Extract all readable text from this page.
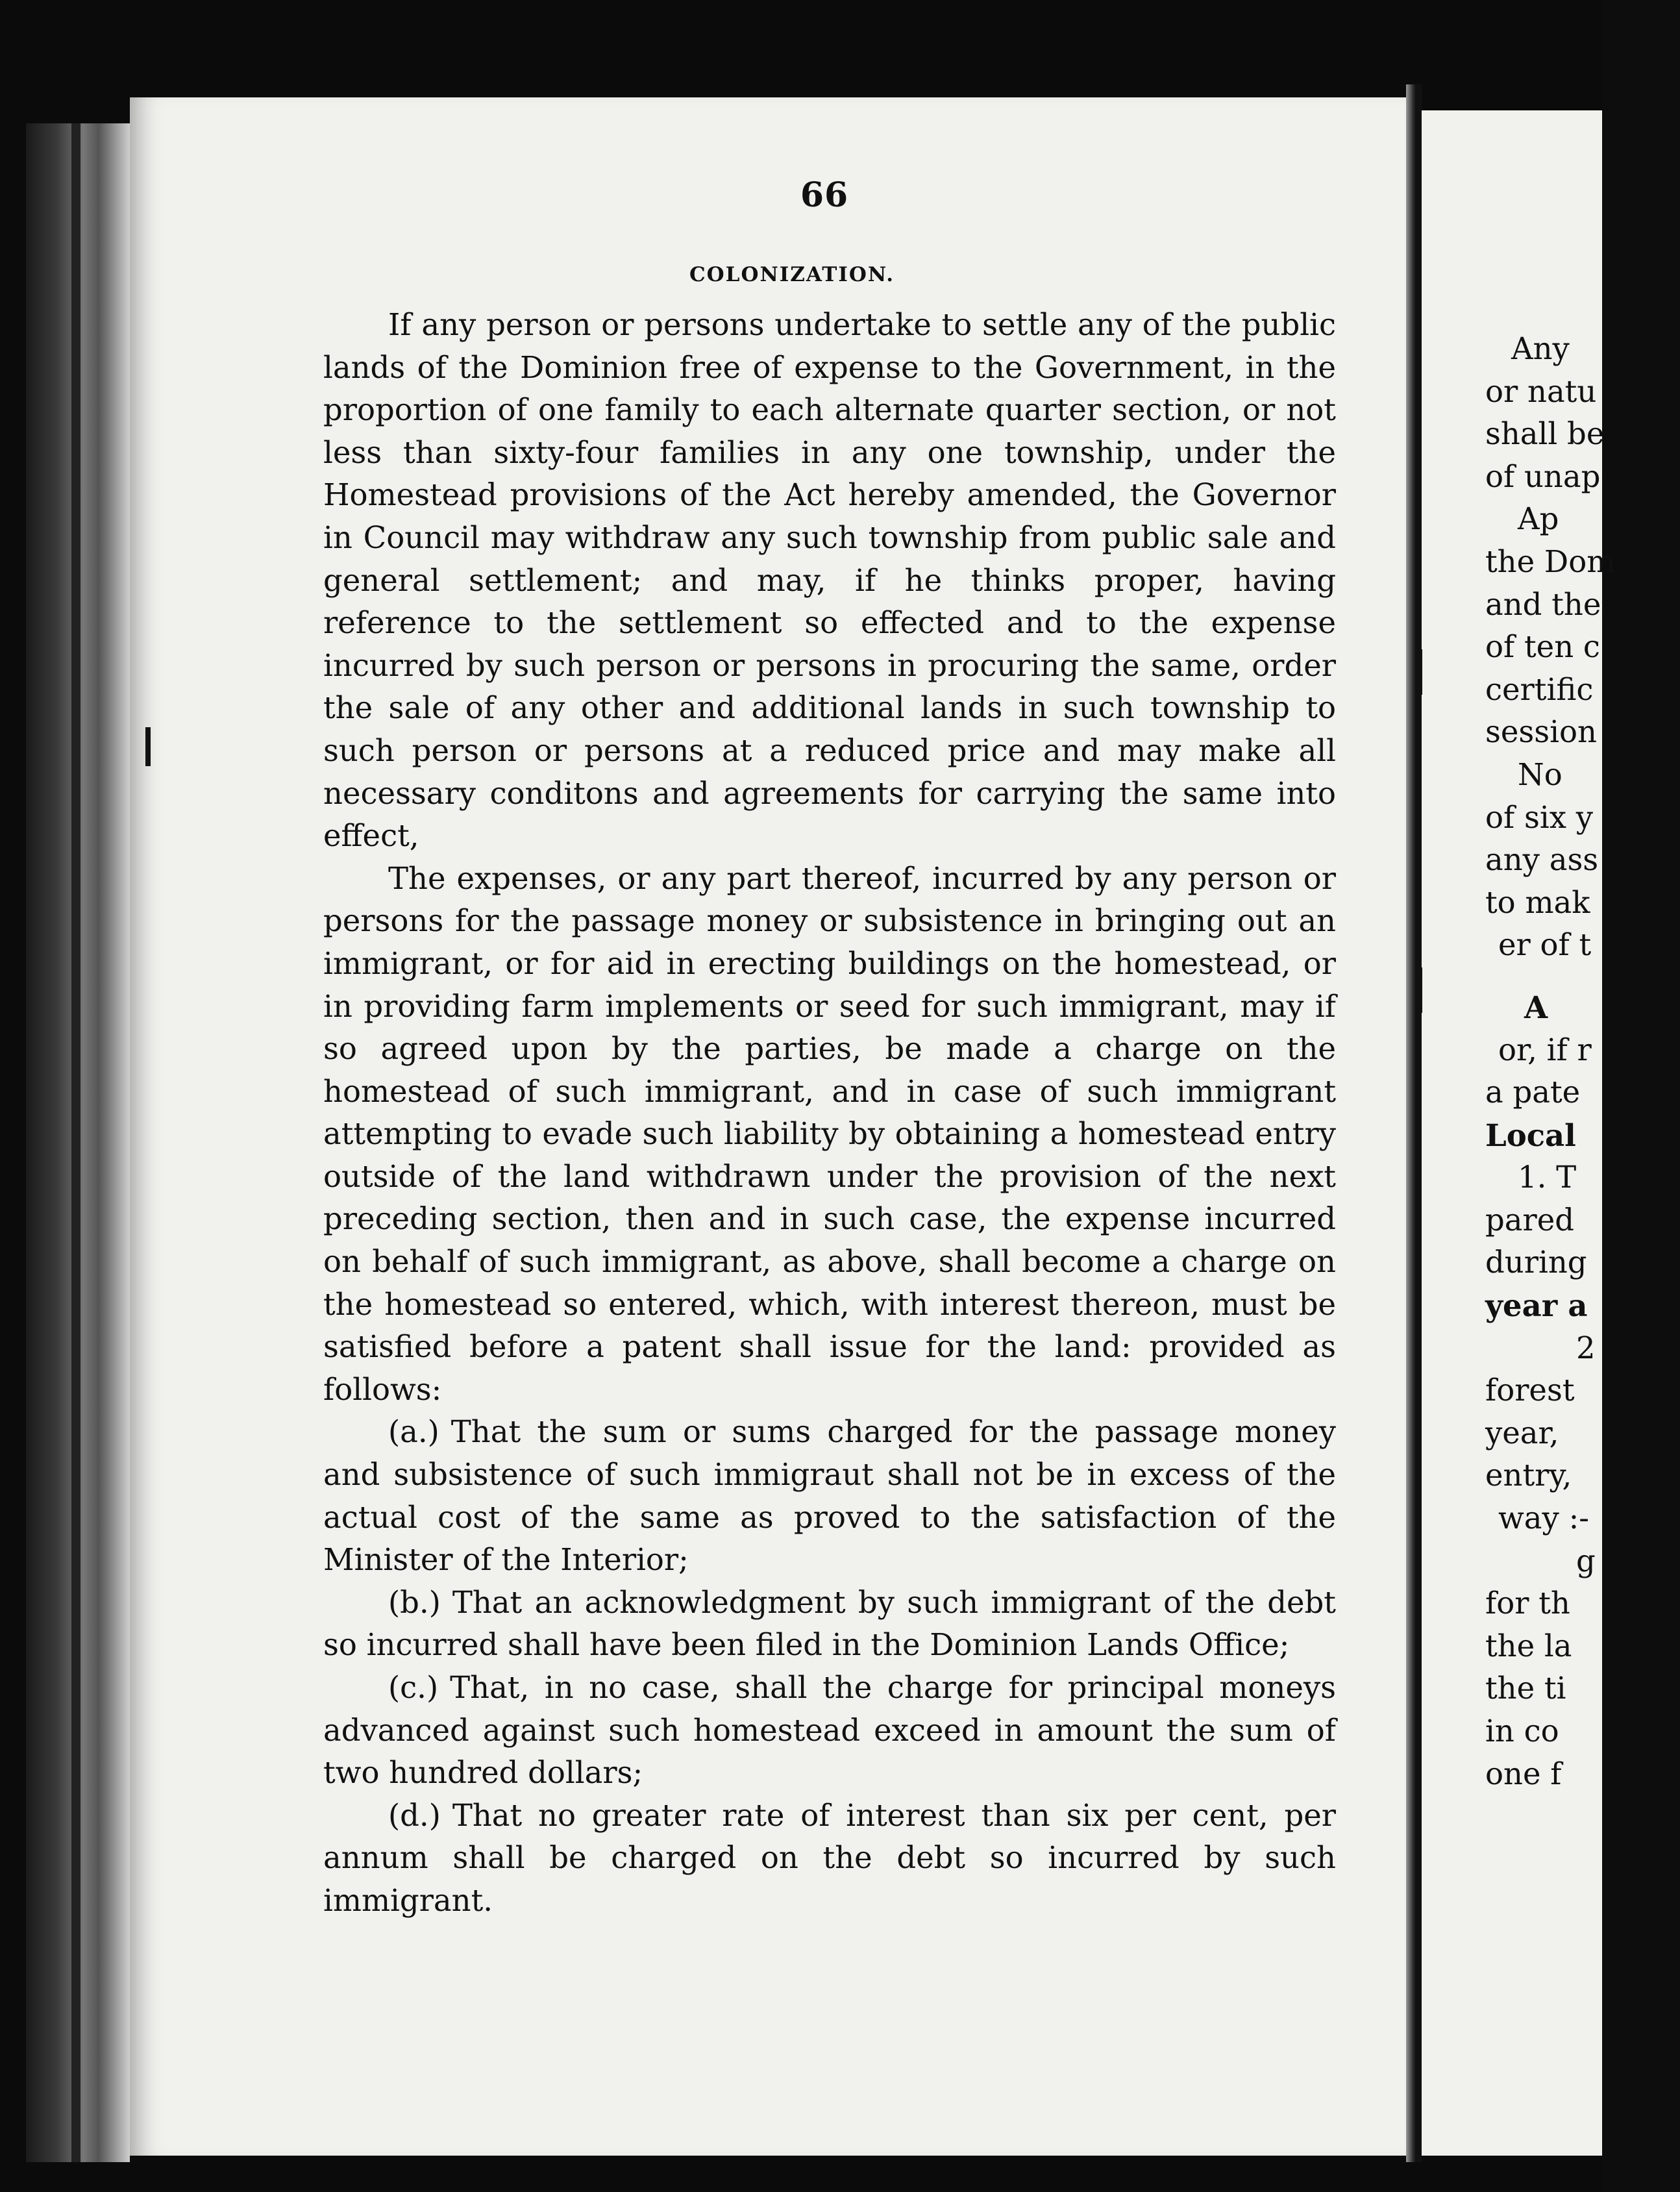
66
COLONIZATION.

If any person or persons undertake to settle any of the public lands of the Dominion free of expense to the Government, in the proportion of one family to each alternate quarter section, or not less than sixty-four families in any one township, under the Homestead provisions of the Act hereby amended, the Governor in Council may withdraw any such township from public sale and general settlement; and may, if he thinks proper, having reference to the settlement so effected and to the expense incurred by such person or persons in procuring the same, order the sale of any other and additional lands in such township to such person or persons at a reduced price and may make all necessary conditons and agreements for carrying the same into effect,

The expenses, or any part thereof, incurred by any person or persons for the passage money or subsistence in bringing out an immigrant, or for aid in erecting buildings on the homestead, or in providing farm implements or seed for such immigrant, may if so agreed upon by the parties, be made a charge on the homestead of such immigrant, and in case of such immigrant attempting to evade such liability by obtaining a homestead entry outside of the land withdrawn under the provision of the next preceding section, then and in such case, the expense incurred on behalf of such immigrant, as above, shall become a charge on the homestead so entered, which, with interest thereon, must be satisfied before a patent shall issue for the land: provided as follows:

(a.) That the sum or sums charged for the passage money and subsistence of such immigraut shall not be in excess of the actual cost of the same as proved to the satisfaction of the Minister of the Interior;

(b.) That an acknowledgment by such immigrant of the debt so incurred shall have been filed in the Dominion Lands Office;

(c.) That, in no case, shall the charge for principal moneys advanced against such homestead exceed in amount the sum of two hundred dollars;

(d.) That no greater rate of interest than six per cent, per annum shall be charged on the debt so incurred by such immigrant.

Any
or natu
shall be
of unap
Ap
the Dom
and the
of ten c
certific
session
No
of six y
any ass
to mak
er of t
A
or, if r
a pate
Local
1. T
pared
during
year a
2
forest
year,
entry,
way :-
g
for th
the la
the ti
in co
one f
